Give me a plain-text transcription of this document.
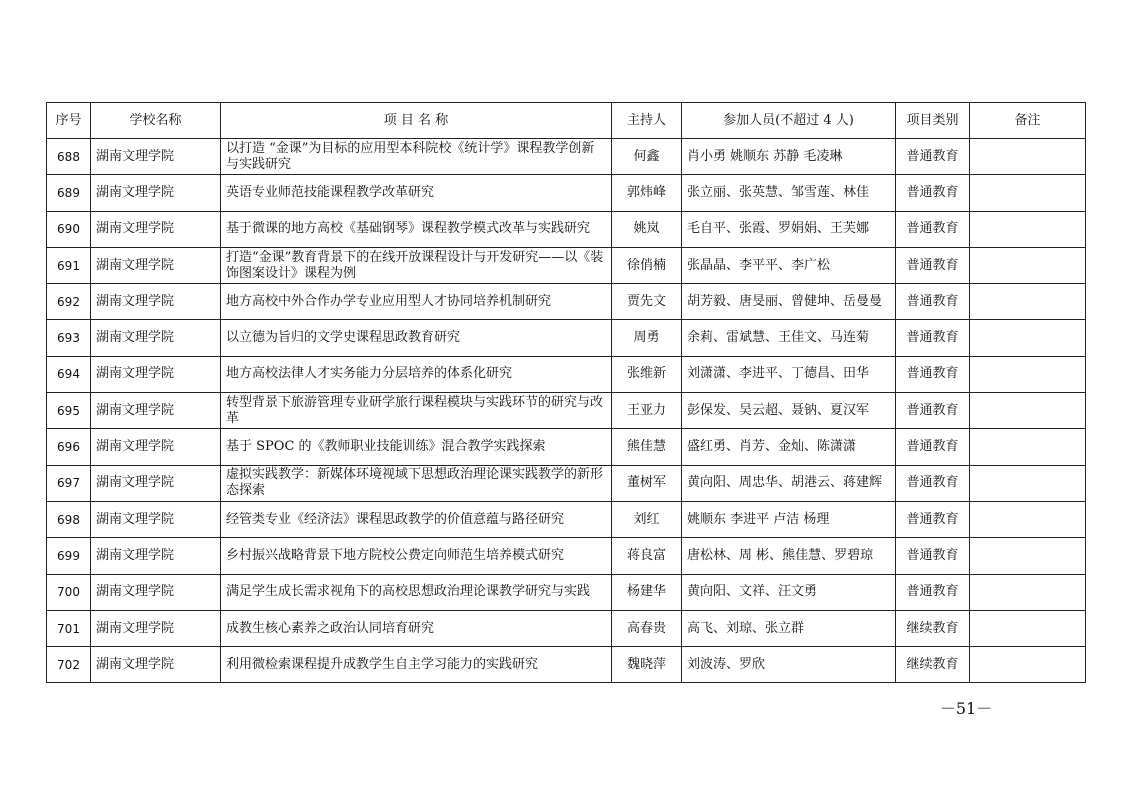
序号	学校名称	项 目 名 称	主持人	参加人员(不超过 4 人)	项目类别	备注
688	湖南文理学院	以打造 “金课”为目标的应用型本科院校《统计学》课程教学创新与实践研究	何鑫	肖小勇 姚顺东 苏静 毛凌琳	普通教育	
689	湖南文理学院	英语专业师范技能课程教学改革研究	郭炜峰	张立丽、张英慧、邹雪莲、林佳	普通教育	
690	湖南文理学院	基于微课的地方高校《基础钢琴》课程教学模式改革与实践研究	姚岚	毛自平、张霞、罗娟娟、王芙娜	普通教育	
691	湖南文理学院	打造“金课”教育背景下的在线开放课程设计与开发研究——以《装饰图案设计》课程为例	徐俏楠	张晶晶、李平平、李广松	普通教育	
692	湖南文理学院	地方高校中外合作办学专业应用型人才协同培养机制研究	贾先文	胡芳毅、唐旻丽、曾健坤、岳曼曼	普通教育	
693	湖南文理学院	以立德为旨归的文学史课程思政教育研究	周勇	余莉、雷斌慧、王佳文、马连菊	普通教育	
694	湖南文理学院	地方高校法律人才实务能力分层培养的体系化研究	张维新	刘潇潇、李进平、丁德昌、田华	普通教育	
695	湖南文理学院	转型背景下旅游管理专业研学旅行课程模块与实践环节的研究与改革	王亚力	彭保发、吴云超、聂钠、夏汉军	普通教育	
696	湖南文理学院	基于 SPOC 的《教师职业技能训练》混合教学实践探索	熊佳慧	盛红勇、肖芳、金灿、陈潇潇	普通教育	
697	湖南文理学院	虚拟实践教学：新媒体环境视域下思想政治理论课实践教学的新形态探索	董树军	黄向阳、周忠华、胡港云、蒋建辉	普通教育	
698	湖南文理学院	经管类专业《经济法》课程思政教学的价值意蕴与路径研究	刘红	姚顺东 李进平 卢洁 杨理	普通教育	
699	湖南文理学院	乡村振兴战略背景下地方院校公费定向师范生培养模式研究	蒋良富	唐松林、周 彬、熊佳慧、罗碧琼	普通教育	
700	湖南文理学院	满足学生成长需求视角下的高校思想政治理论课教学研究与实践	杨建华	黄向阳、文祥、汪文勇	普通教育	
701	湖南文理学院	成教生核心素养之政治认同培育研究	高春贵	高飞、刘琼、张立群	继续教育	
702	湖南文理学院	利用微检索课程提升成教学生自主学习能力的实践研究	魏晓萍	刘波涛、罗欣	继续教育	
－51－
